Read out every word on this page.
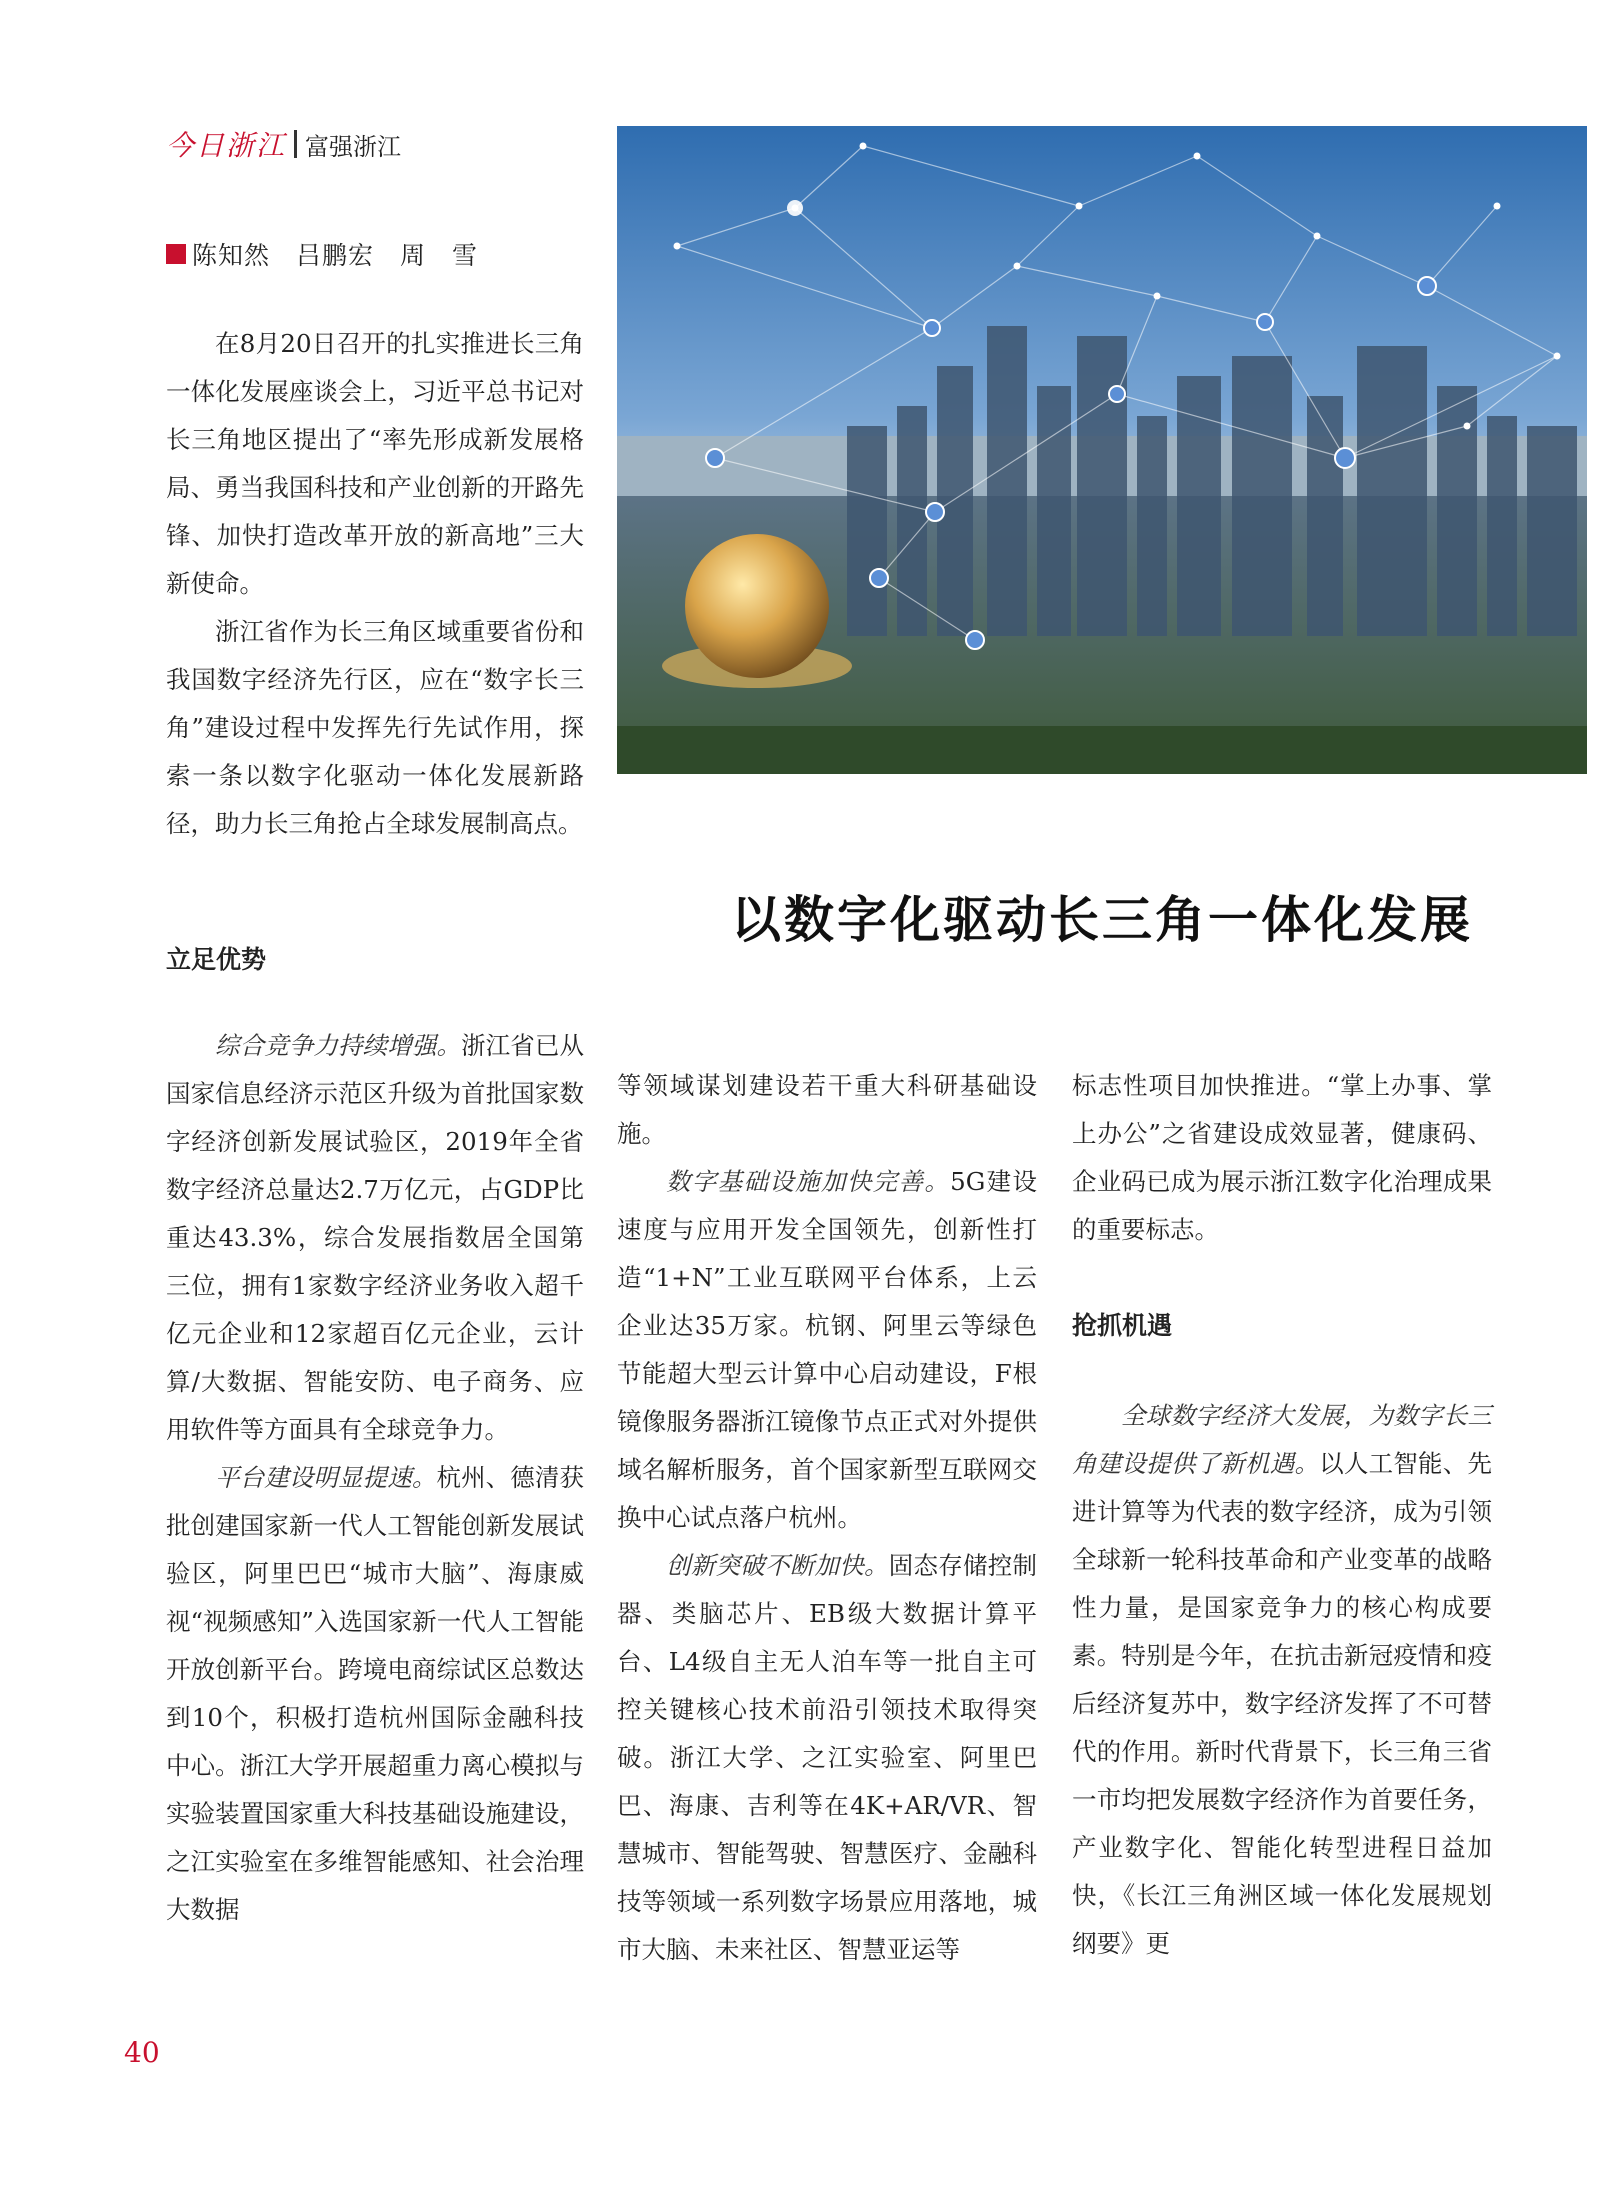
今日浙江 富强浙江
陈知然　吕鹏宏　周　雪
以数字化驱动长三角一体化发展

在8月20日召开的扎实推进长三角一体化发展座谈会上，习近平总书记对长三角地区提出了“率先形成新发展格局、勇当我国科技和产业创新的开路先锋、加快打造改革开放的新高地”三大新使命。

浙江省作为长三角区域重要省份和我国数字经济先行区，应在“数字长三角”建设过程中发挥先行先试作用，探索一条以数字化驱动一体化发展新路径，助力长三角抢占全球发展制高点。

立足优势

综合竞争力持续增强。浙江省已从国家信息经济示范区升级为首批国家数字经济创新发展试验区，2019年全省数字经济总量达2.7万亿元，占GDP比重达43.3%，综合发展指数居全国第三位，拥有1家数字经济业务收入超千亿元企业和12家超百亿元企业，云计算/大数据、智能安防、电子商务、应用软件等方面具有全球竞争力。

平台建设明显提速。杭州、德清获批创建国家新一代人工智能创新发展试验区，阿里巴巴“城市大脑”、海康威视“视频感知”入选国家新一代人工智能开放创新平台。跨境电商综试区总数达到10个，积极打造杭州国际金融科技中心。浙江大学开展超重力离心模拟与实验装置国家重大科技基础设施建设，之江实验室在多维智能感知、社会治理大数据

等领域谋划建设若干重大科研基础设施。

数字基础设施加快完善。5G建设速度与应用开发全国领先，创新性打造“1+N”工业互联网平台体系，上云企业达35万家。杭钢、阿里云等绿色节能超大型云计算中心启动建设，F根镜像服务器浙江镜像节点正式对外提供域名解析服务，首个国家新型互联网交换中心试点落户杭州。

创新突破不断加快。固态存储控制器、类脑芯片、EB级大数据计算平台、L4级自主无人泊车等一批自主可控关键核心技术前沿引领技术取得突破。浙江大学、之江实验室、阿里巴巴、海康、吉利等在4K+AR/VR、智慧城市、智能驾驶、智慧医疗、金融科技等领域一系列数字场景应用落地，城市大脑、未来社区、智慧亚运等

标志性项目加快推进。“掌上办事、掌上办公”之省建设成效显著，健康码、企业码已成为展示浙江数字化治理成果的重要标志。

抢抓机遇

全球数字经济大发展，为数字长三角建设提供了新机遇。以人工智能、先进计算等为代表的数字经济，成为引领全球新一轮科技革命和产业变革的战略性力量，是国家竞争力的核心构成要素。特别是今年，在抗击新冠疫情和疫后经济复苏中，数字经济发挥了不可替代的作用。新时代背景下，长三角三省一市均把发展数字经济作为首要任务，产业数字化、智能化转型进程日益加快，《长江三角洲区域一体化发展规划纲要》更

40
